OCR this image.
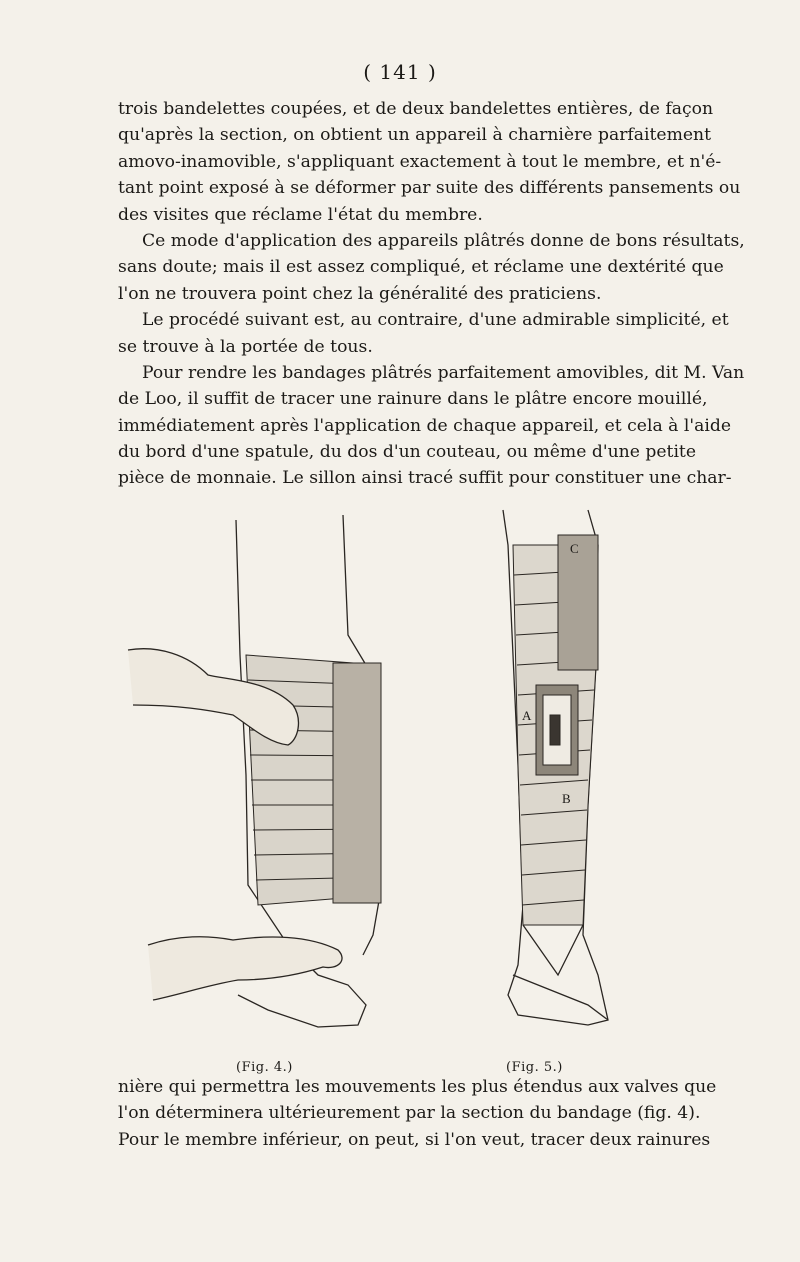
( 141 )
trois bandelettes coupées, et de deux bandelettes entières, de façon
qu'après la section, on obtient un appareil à charnière parfaitement
amovo-inamovible, s'appliquant exactement à tout le membre, et n'é-
tant point exposé à se déformer par suite des différents pansements ou
des visites que réclame l'état du membre.
Ce mode d'application des appareils plâtrés donne de bons résultats,
sans doute; mais il est assez compliqué, et réclame une dextérité que
l'on ne trouvera point chez la généralité des praticiens.
Le procédé suivant est, au contraire, d'une admirable simplicité, et
se trouve à la portée de tous.
Pour rendre les bandages plâtrés parfaitement amovibles, dit M. Van
de Loo, il suffit de tracer une rainure dans le plâtre encore mouillé,
immédiatement après l'application de chaque appareil, et cela à l'aide
du bord d'une spatule, du dos d'un couteau, ou même d'une petite
pièce de monnaie. Le sillon ainsi tracé suffit pour constituer une char-
C
A
B
(Fig. 4.)	(Fig. 5.)
nière qui permettra les mouvements les plus étendus aux valves que
l'on déterminera ultérieurement par la section du bandage (fig. 4).
Pour le membre inférieur, on peut, si l'on veut, tracer deux rainures
